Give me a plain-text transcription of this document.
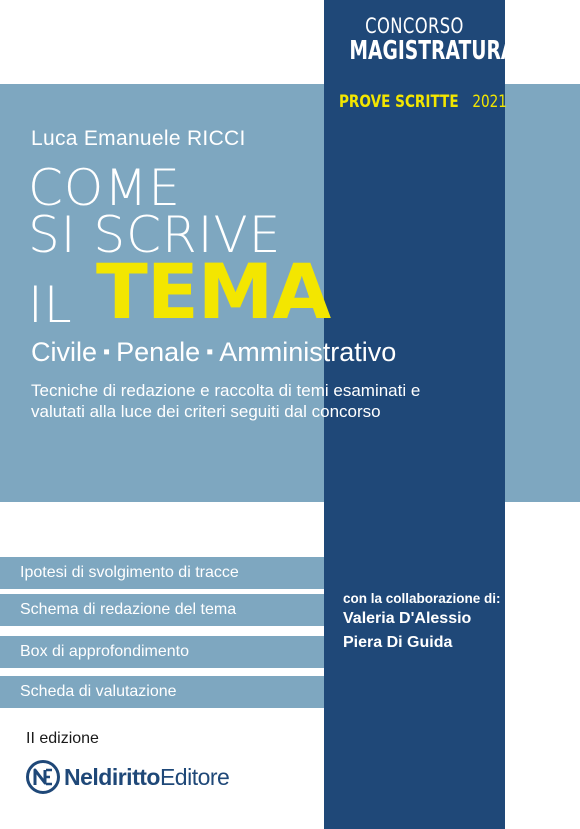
CONCORSO
MAGISTRATURA
PROVE SCRITTE 2021
Luca Emanuele RICCI
COME
SI SCRIVE
IL TEMA
Civile ▪ Penale ▪ Amministrativo
Tecniche di redazione e raccolta di temi esaminati e valutati alla luce dei criteri seguiti dal concorso
Ipotesi di svolgimento di tracce
Schema di redazione del tema
Box di approfondimento
Scheda di valutazione
con la collaborazione di:
Valeria D'Alessio
Piera Di Guida
II edizione
NeldirittoEditore
